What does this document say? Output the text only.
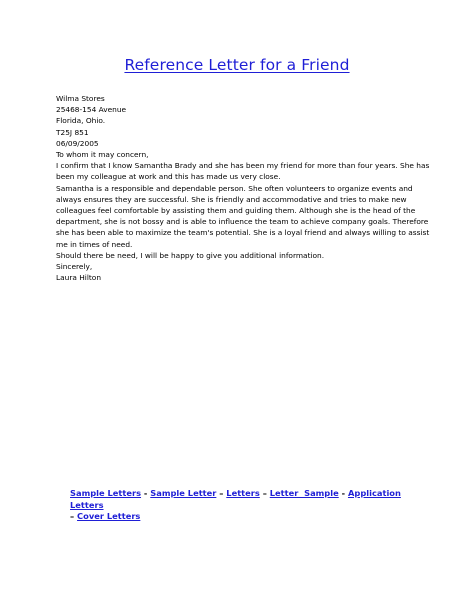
Reference Letter for a Friend
Wilma Stores
25468-154 Avenue
Florida, Ohio.
T25J 851
06/09/2005
To whom it may concern,
I confirm that I know Samantha Brady and she has been my friend for more than four years. She has
been my colleague at work and this has made us very close.
Samantha is a responsible and dependable person. She often volunteers to organize events and
always ensures they are successful. She is friendly and accommodative and tries to make new
colleagues feel comfortable by assisting them and guiding them. Although she is the head of the
department, she is not bossy and is able to influence the team to achieve company goals. Therefore
she has been able to maximize the team's potential. She is a loyal friend and always willing to assist
me in times of need.
Should there be need, I will be happy to give you additional information.
Sincerely,
Laura Hilton
Sample Letters - Sample Letter – Letters – Letter  Sample - Application Letters
– Cover Letters
